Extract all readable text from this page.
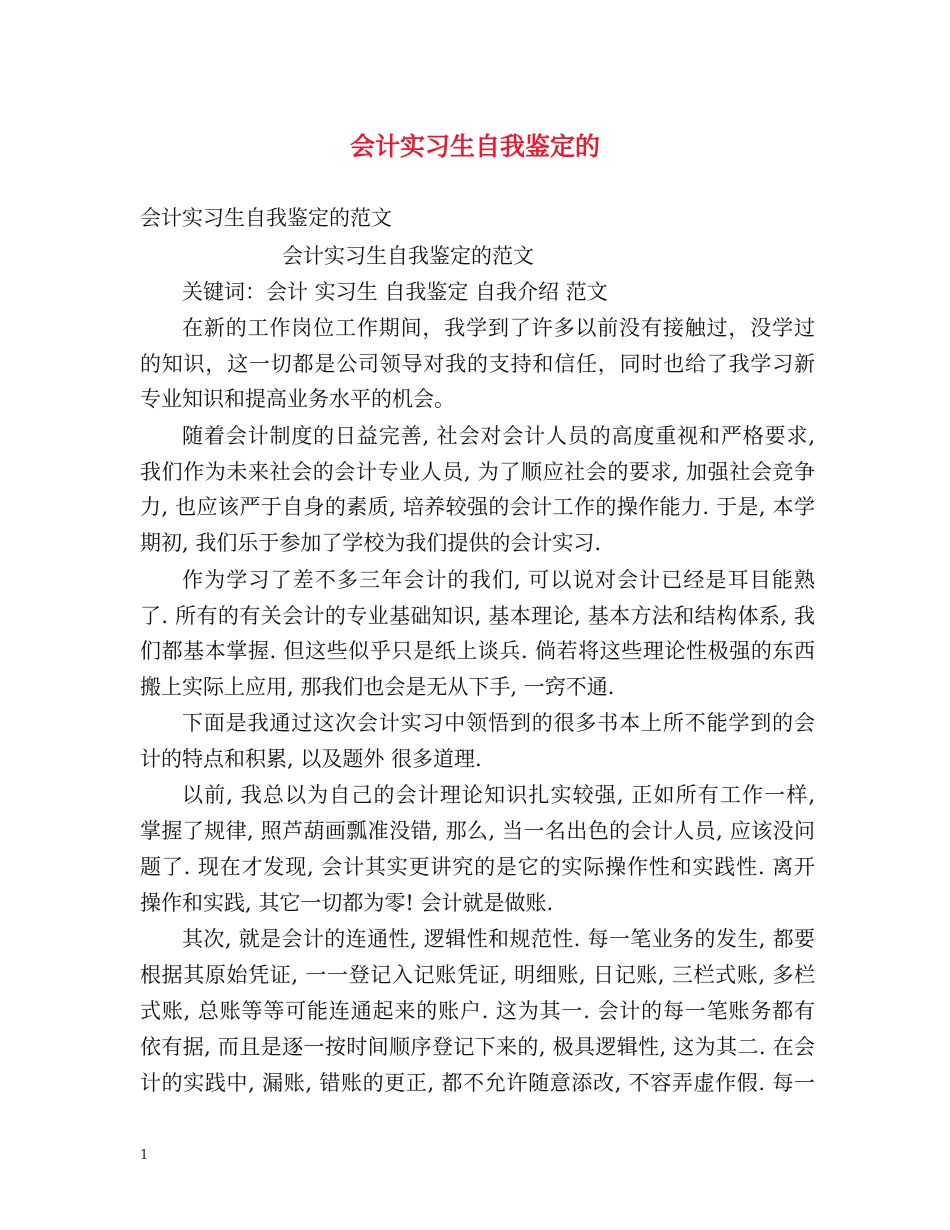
会计实习生自我鉴定的
会计实习生自我鉴定的范文
会计实习生自我鉴定的范文
关键词：会计 实习生 自我鉴定 自我介绍 范文
在新的工作岗位工作期间，我学到了许多以前没有接触过，没学过
的知识，这一切都是公司领导对我的支持和信任，同时也给了我学习新
专业知识和提高业务水平的机会。
随着会计制度的日益完善, 社会对会计人员的高度重视和严格要求,
我们作为未来社会的会计专业人员, 为了顺应社会的要求, 加强社会竞争
力, 也应该严于自身的素质, 培养较强的会计工作的操作能力. 于是, 本学
期初, 我们乐于参加了学校为我们提供的会计实习.
作为学习了差不多三年会计的我们, 可以说对会计已经是耳目能熟
了. 所有的有关会计的专业基础知识, 基本理论, 基本方法和结构体系, 我
们都基本掌握. 但这些似乎只是纸上谈兵. 倘若将这些理论性极强的东西
搬上实际上应用, 那我们也会是无从下手, 一窍不通.
下面是我通过这次会计实习中领悟到的很多书本上所不能学到的会
计的特点和积累, 以及题外 很多道理.
以前, 我总以为自己的会计理论知识扎实较强, 正如所有工作一样,
掌握了规律, 照芦葫画瓢准没错, 那么, 当一名出色的会计人员, 应该没问
题了. 现在才发现, 会计其实更讲究的是它的实际操作性和实践性. 离开
操作和实践, 其它一切都为零! 会计就是做账.
其次, 就是会计的连通性, 逻辑性和规范性. 每一笔业务的发生, 都要
根据其原始凭证, 一一登记入记账凭证, 明细账, 日记账, 三栏式账, 多栏
式账, 总账等等可能连通起来的账户. 这为其一. 会计的每一笔账务都有
依有据, 而且是逐一按时间顺序登记下来的, 极具逻辑性, 这为其二. 在会
计的实践中, 漏账, 错账的更正, 都不允许随意添改, 不容弄虚作假. 每一
1
